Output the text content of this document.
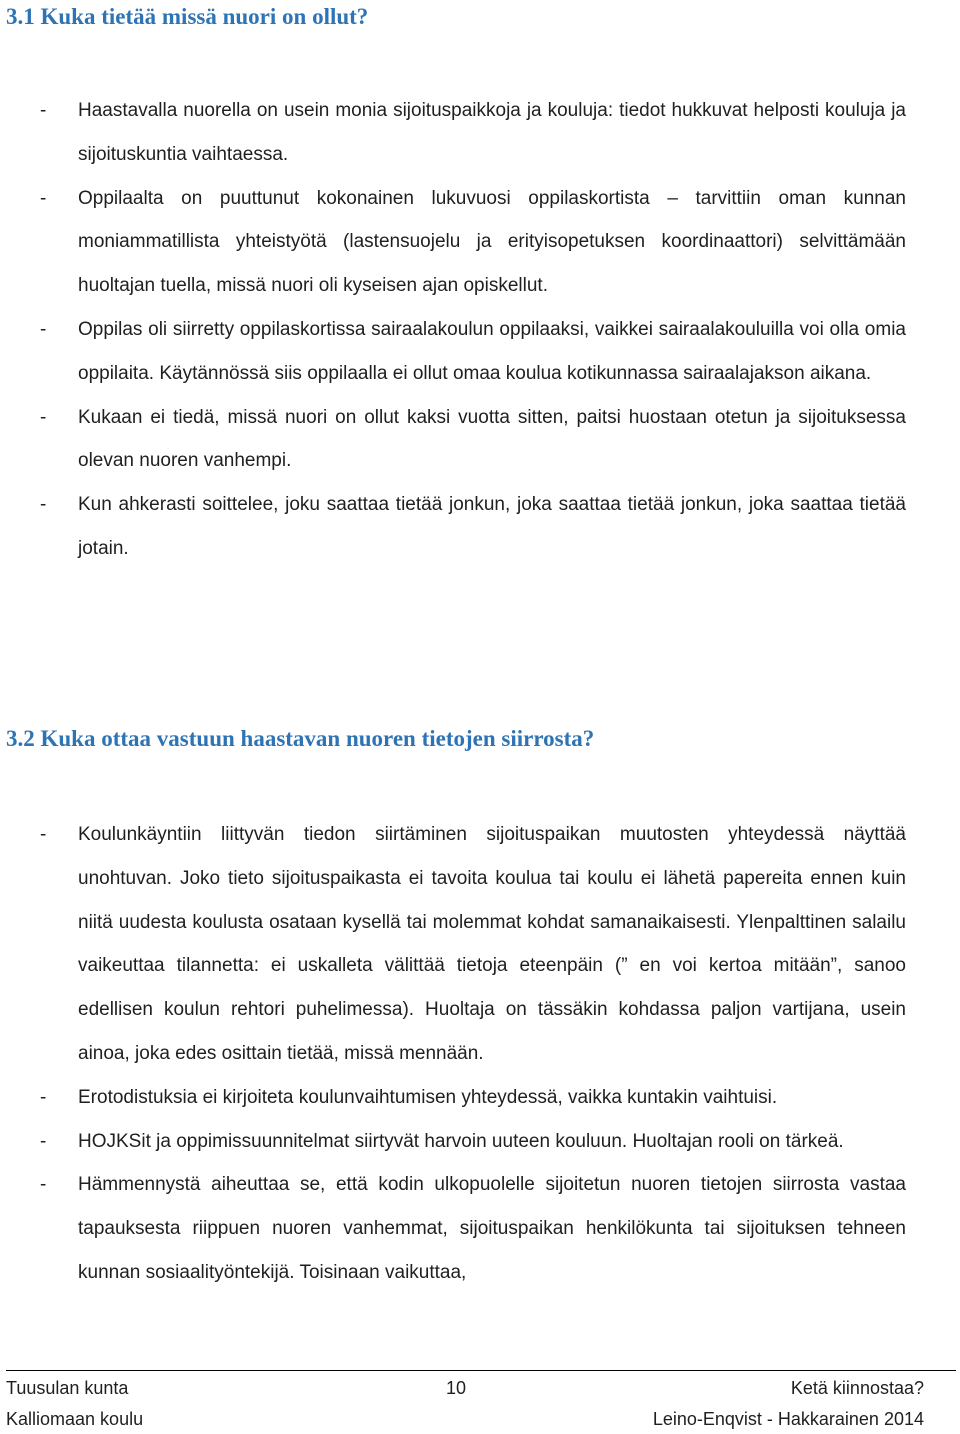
3.1 Kuka tietää missä nuori on ollut?
- Haastavalla nuorella on usein monia sijoituspaikkoja ja kouluja: tiedot hukkuvat helposti kouluja ja sijoituskuntia vaihtaessa.
- Oppilaalta on puuttunut kokonainen lukuvuosi oppilaskortista – tarvittiin oman kunnan moniammatillista yhteistyötä (lastensuojelu ja erityisopetuksen koordinaattori) selvittämään huoltajan tuella, missä nuori oli kyseisen ajan opiskellut.
- Oppilas oli siirretty oppilaskortissa sairaalakoulun oppilaaksi, vaikkei sairaalakouluilla voi olla omia oppilaita. Käytännössä siis oppilaalla ei ollut omaa koulua kotikunnassa sairaalajakson aikana.
- Kukaan ei tiedä, missä nuori on ollut kaksi vuotta sitten, paitsi huostaan otetun ja sijoituksessa olevan nuoren vanhempi.
- Kun ahkerasti soittelee, joku saattaa tietää jonkun, joka saattaa tietää jonkun, joka saattaa tietää jotain.
3.2 Kuka ottaa vastuun haastavan nuoren tietojen siirrosta?
- Koulunkäyntiin liittyvän tiedon siirtäminen sijoituspaikan muutosten yhteydessä näyttää unohtuvan. Joko tieto sijoituspaikasta ei tavoita koulua tai koulu ei lähetä papereita ennen kuin niitä uudesta koulusta osataan kysellä tai molemmat kohdat samanaikaisesti. Ylenpalttinen salailu vaikeuttaa tilannetta: ei uskalleta välittää tietoja eteenpäin (” en voi kertoa mitään”, sanoo edellisen koulun rehtori puhelimessa). Huoltaja on tässäkin kohdassa paljon vartijana, usein ainoa, joka edes osittain tietää, missä mennään.
- Erotodistuksia ei kirjoiteta koulunvaihtumisen yhteydessä, vaikka kuntakin vaihtuisi.
- HOJKSit ja oppimissuunnitelmat siirtyvät harvoin uuteen kouluun. Huoltajan rooli on tärkeä.
- Hämmennystä aiheuttaa se, että kodin ulkopuolelle sijoitetun nuoren tietojen siirrosta vastaa tapauksesta riippuen nuoren vanhemmat, sijoituspaikan henkilökunta tai sijoituksen tehneen kunnan sosiaalityöntekijä. Toisinaan vaikuttaa,
Tuusulan kunta	10	Ketä kiinnostaa?
Kalliomaan koulu	Leino-Enqvist - Hakkarainen 2014
